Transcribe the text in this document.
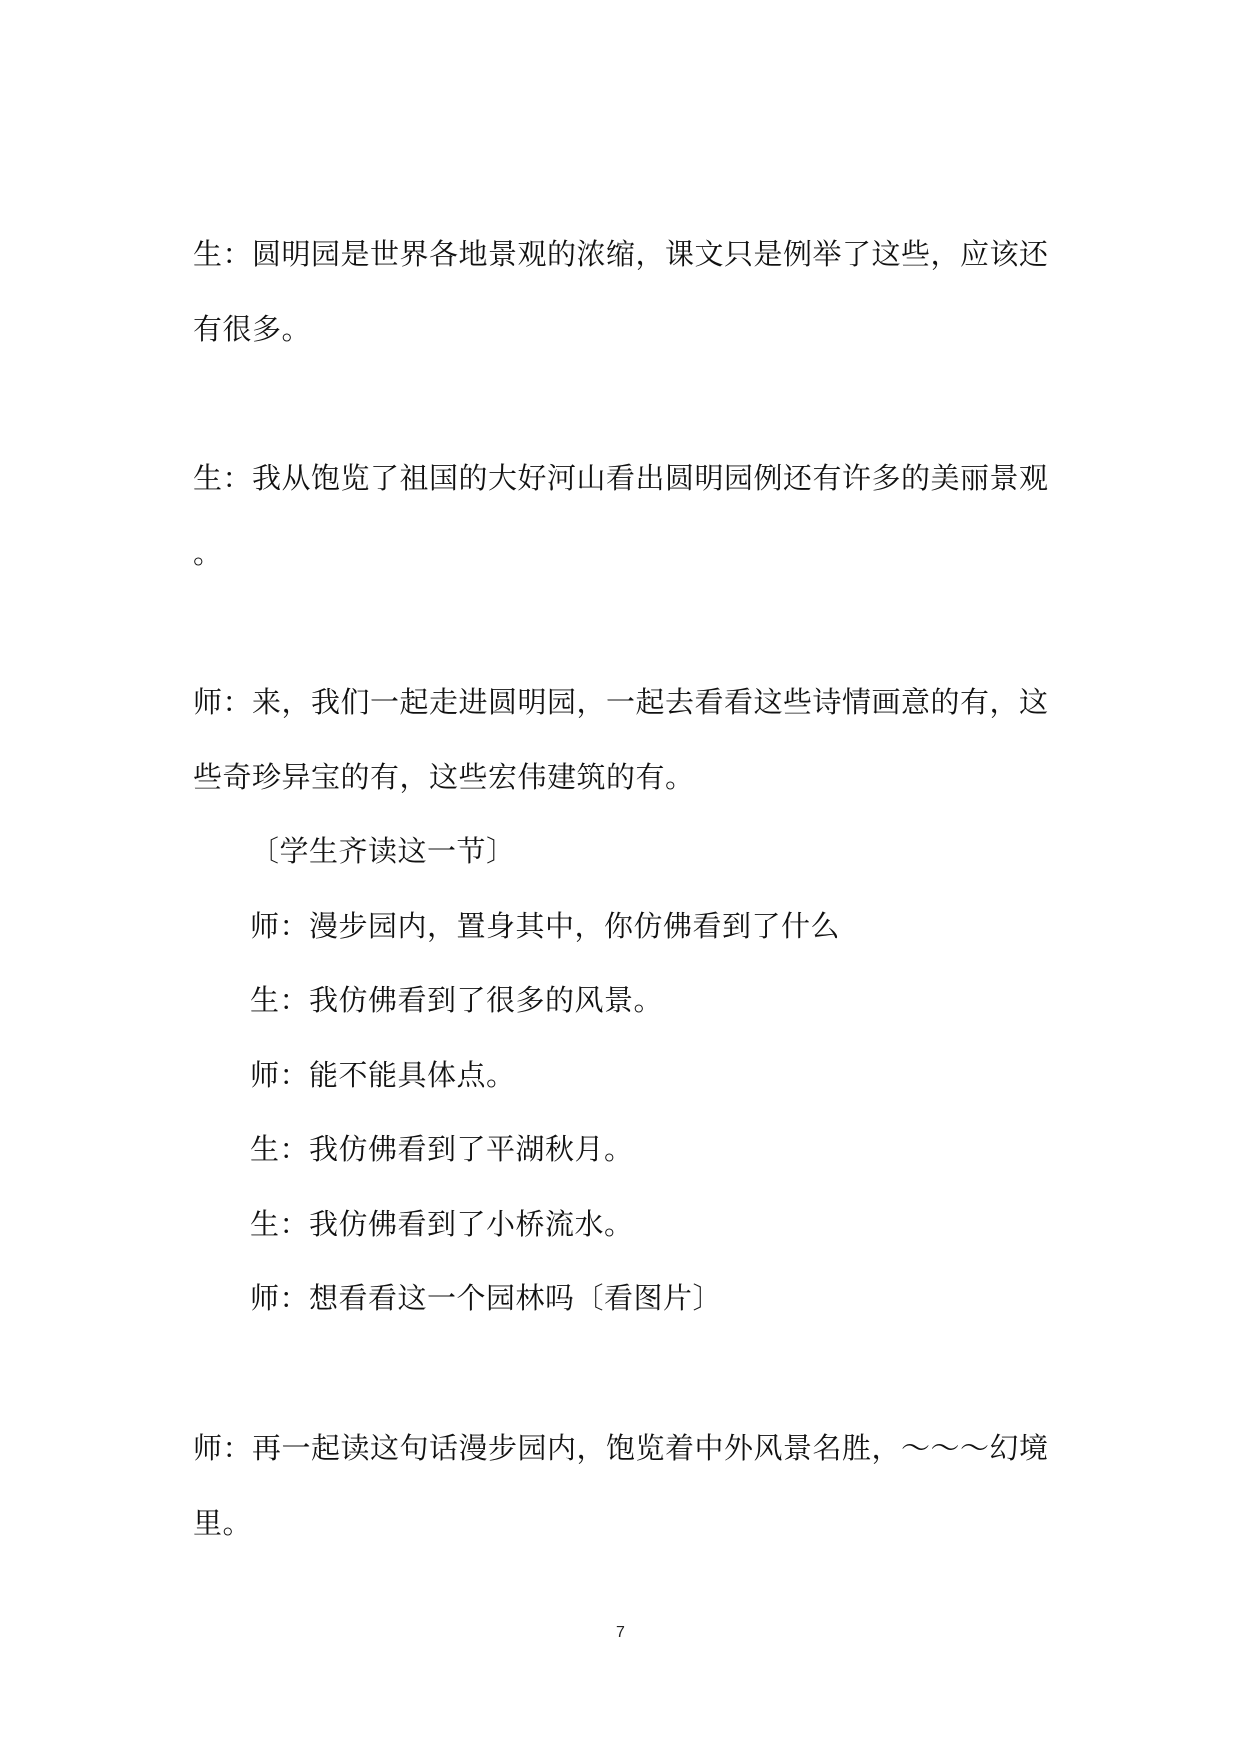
生：圆明园是世界各地景观的浓缩，课文只是例举了这些，应该还
有很多。
生：我从饱览了祖国的大好河山看出圆明园例还有许多的美丽景观
。
师：来，我们一起走进圆明园，一起去看看这些诗情画意的有，这
些奇珍异宝的有，这些宏伟建筑的有。
〔学生齐读这一节〕
师：漫步园内，置身其中，你仿佛看到了什么
生：我仿佛看到了很多的风景。
师：能不能具体点。
生：我仿佛看到了平湖秋月。
生：我仿佛看到了小桥流水。
师：想看看这一个园林吗〔看图片〕
师：再一起读这句话漫步园内，饱览着中外风景名胜，～～～幻境
里。
7
